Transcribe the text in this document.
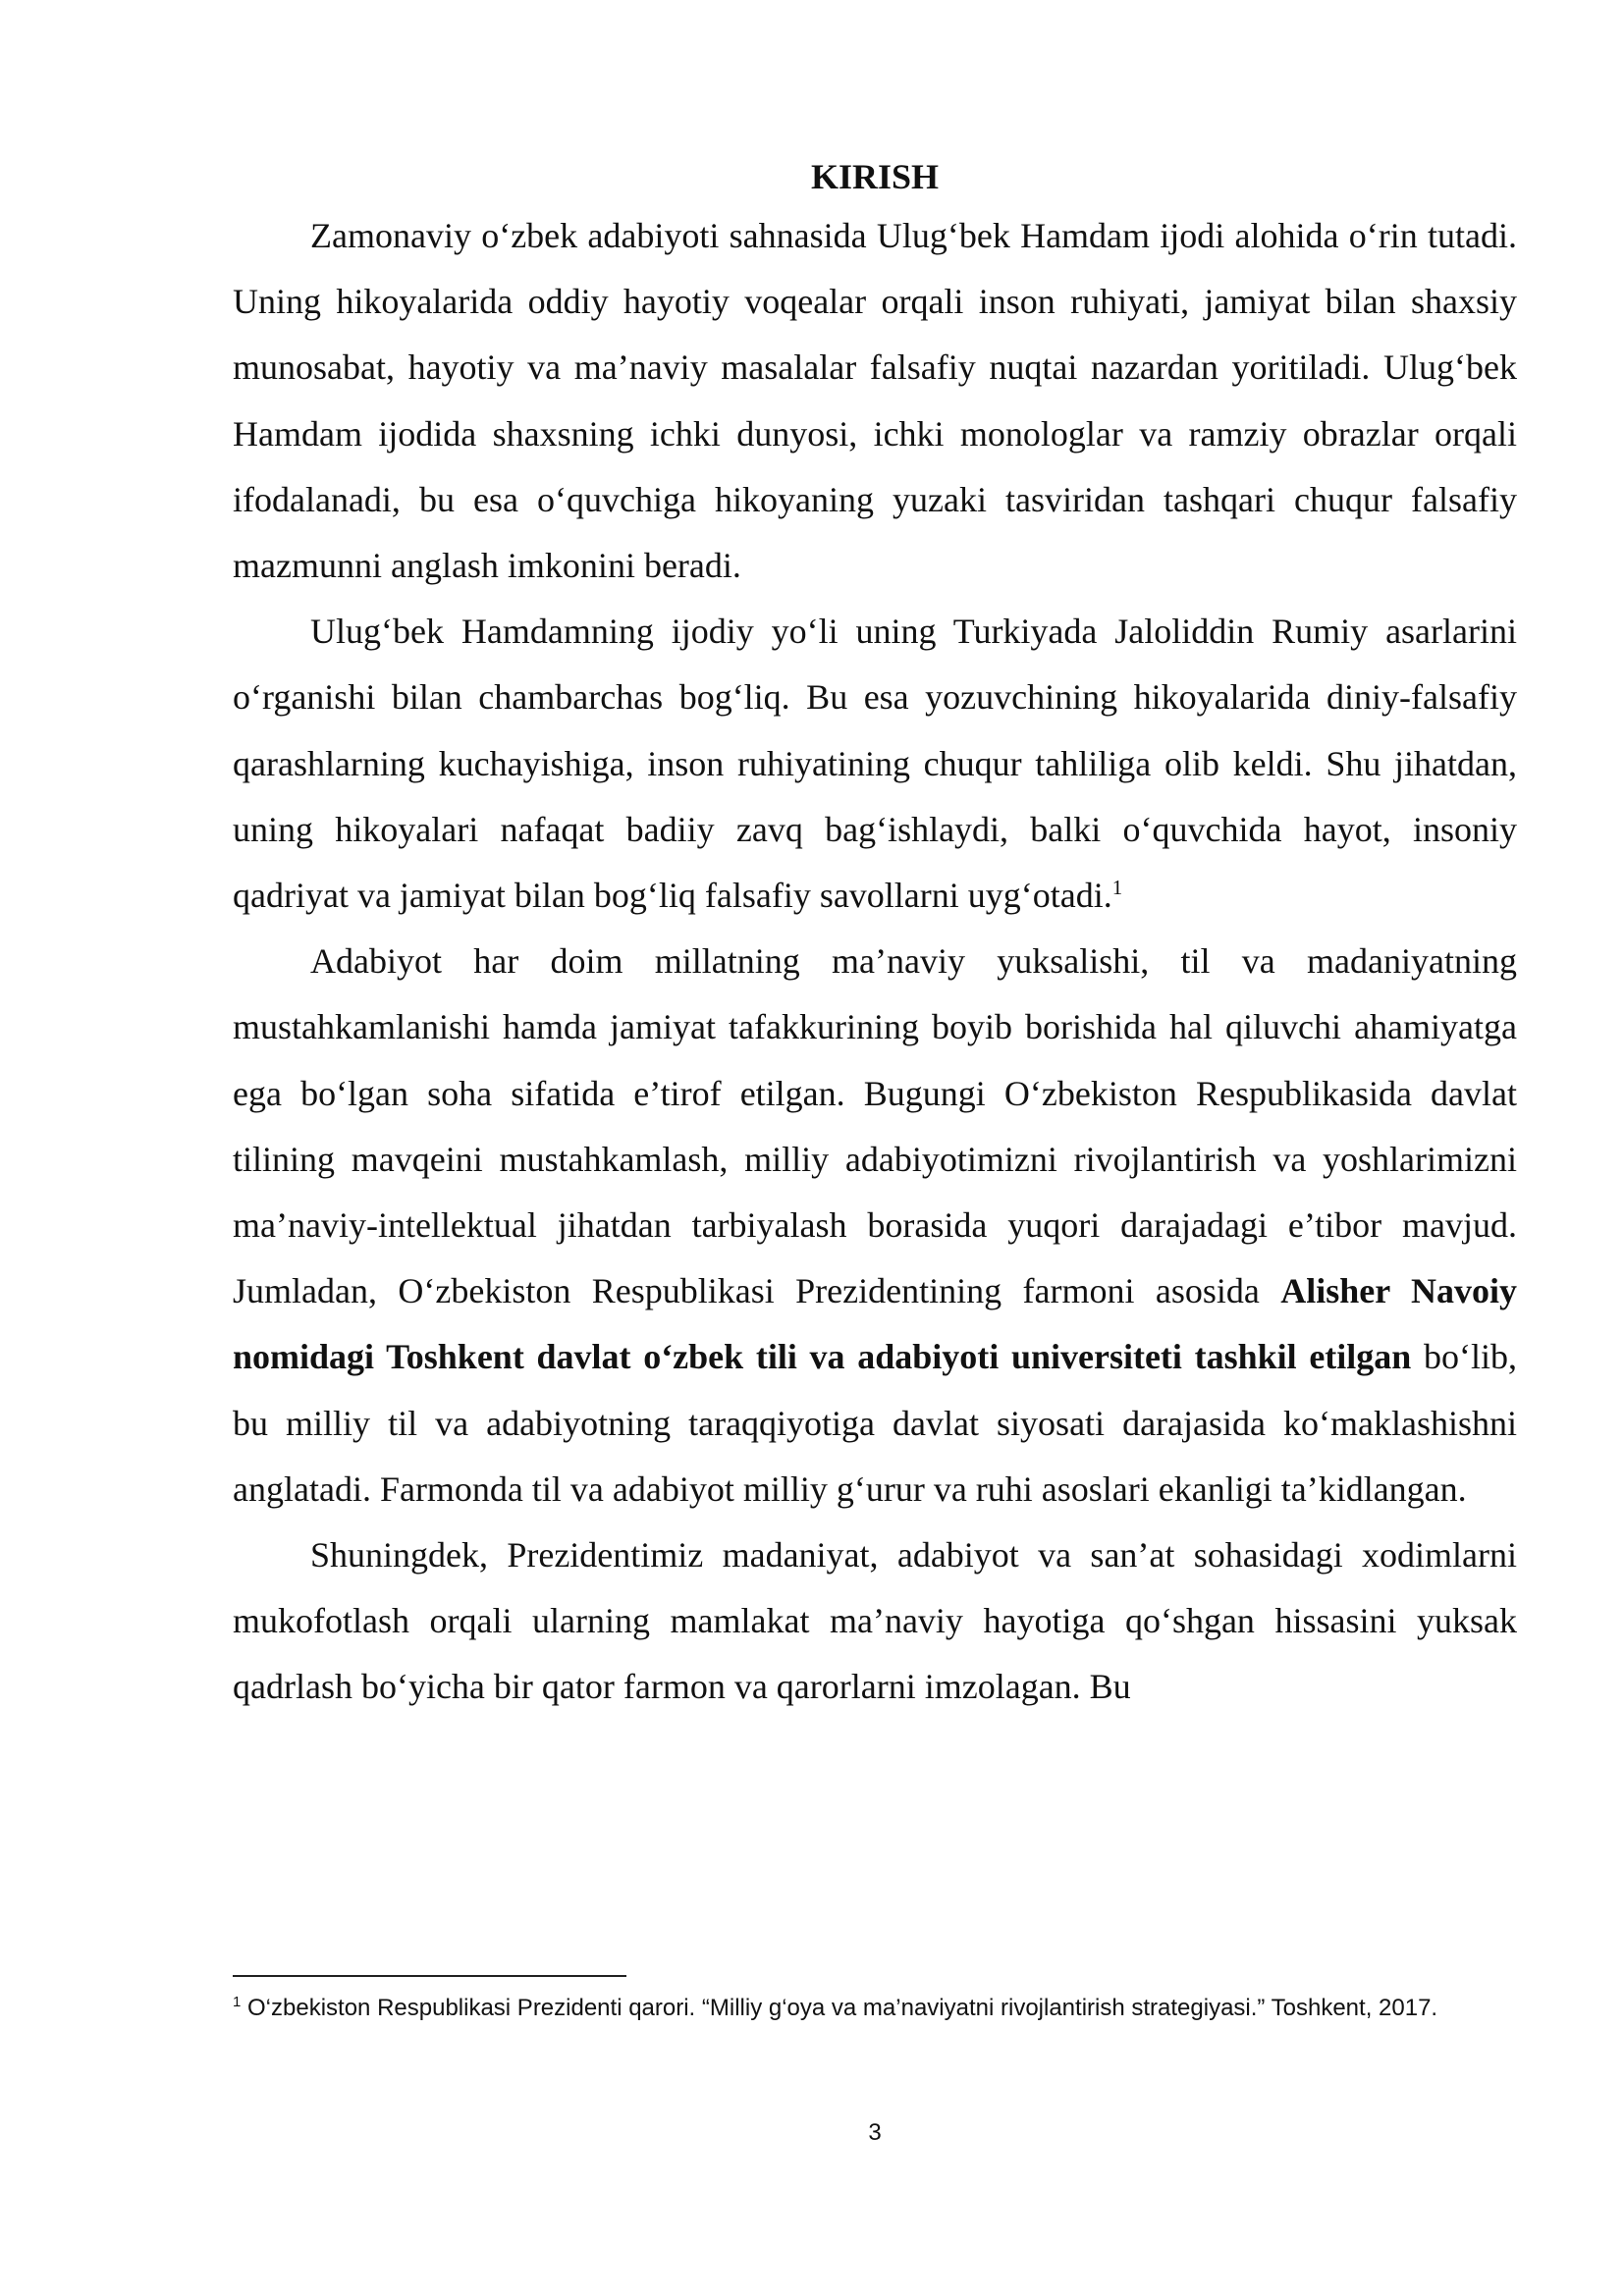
KIRISH

Zamonaviy o‘zbek adabiyoti sahnasida Ulug‘bek Hamdam ijodi alohida o‘rin tutadi. Uning hikoyalarida oddiy hayotiy voqealar orqali inson ruhiyati, jamiyat bilan shaxsiy munosabat, hayotiy va ma’naviy masalalar falsafiy nuqtai nazardan yoritiladi. Ulug‘bek Hamdam ijodida shaxsning ichki dunyosi, ichki monologlar va ramziy obrazlar orqali ifodalanadi, bu esa o‘quvchiga hikoyaning yuzaki tasviridan tashqari chuqur falsafiy mazmunni anglash imkonini beradi.

Ulug‘bek Hamdamning ijodiy yo‘li uning Turkiyada Jaloliddin Rumiy asarlarini o‘rganishi bilan chambarchas bog‘liq. Bu esa yozuvchining hikoyalarida diniy-falsafiy qarashlarning kuchayishiga, inson ruhiyatining chuqur tahliliga olib keldi. Shu jihatdan, uning hikoyalari nafaqat badiiy zavq bag‘ishlaydi, balki o‘quvchida hayot, insoniy qadriyat va jamiyat bilan bog‘liq falsafiy savollarni uyg‘otadi.$^1$

Adabiyot har doim millatning ma’naviy yuksalishi, til va madaniyatning mustahkamlanishi hamda jamiyat tafakkurining boyib borishida hal qiluvchi ahamiyatga ega bo‘lgan soha sifatida e’tirof etilgan. Bugungi O‘zbekiston Respublikasida davlat tilining mavqeini mustahkamlash, milliy adabiyotimizni rivojlantirish va yoshlarimizni ma’naviy-intellektual jihatdan tarbiyalash borasida yuqori darajadagi e’tibor mavjud. Jumladan, O‘zbekiston Respublikasi Prezidentining farmoni asosida Alisher Navoiy nomidagi Toshkent davlat o‘zbek tili va adabiyoti universiteti tashkil etilgan bo‘lib, bu milliy til va adabiyotning taraqqiyotiga davlat siyosati darajasida ko‘maklashishni anglatadi. Farmonda til va adabiyot milliy g‘urur va ruhi asoslari ekanligi ta’kidlangan.

Shuningdek, Prezidentimiz madaniyat, adabiyot va san’at sohasidagi xodimlarni mukofotlash orqali ularning mamlakat ma’naviy hayotiga qo‘shgan hissasini yuksak qadrlash bo‘yicha bir qator farmon va qarorlarni imzolagan. Bu

$^1$ O‘zbekiston Respublikasi Prezidenti qarori. “Milliy g‘oya va ma’naviyatni rivojlantirish strategiyasi.” Toshkent, 2017.
3
